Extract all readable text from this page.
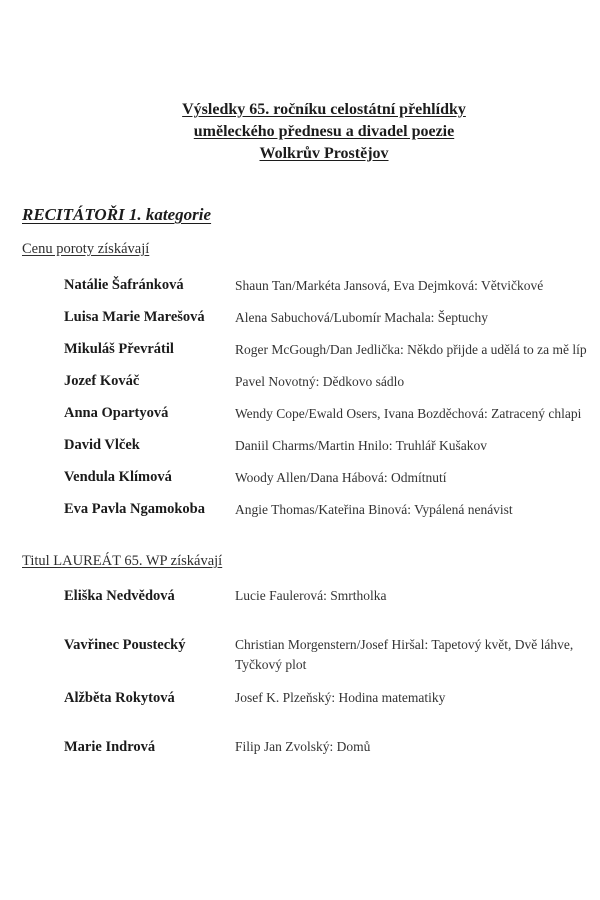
Výsledky 65. ročníku celostátní přehlídky
uměleckého přednesu a divadel poezie
Wolkrův Prostějov
RECITÁTOŘI 1. kategorie
Cenu poroty získávají
Natálie Šafránková	Shaun Tan/Markéta Jansová, Eva Dejmková: Větvičkové
Luisa Marie Marešová	Alena Sabuchová/Lubomír Machala: Šeptuchy
Mikuláš Převrátil	Roger McGough/Dan Jedlička: Někdo přijde a udělá to za mě líp
Jozef Kováč	Pavel Novotný: Dědkovo sádlo
Anna Opartyová	Wendy Cope/Ewald Osers, Ivana Bozděchová: Zatracený chlapi
David Vlček	Daniil Charms/Martin Hnilo: Truhlář Kušakov
Vendula Klímová	Woody Allen/Dana Hábová: Odmítnutí
Eva Pavla Ngamokoba	Angie Thomas/Kateřina Binová: Vypálená nenávist
Titul LAUREÁT 65. WP získávají
Eliška Nedvědová	Lucie Faulerová: Smrtholka
Vavřinec Poustecký	Christian Morgenstern/Josef Hiršal: Tapetový květ, Dvě láhve, Tyčkový plot
Alžběta Rokytová	Josef K. Plzeňský: Hodina matematiky
Marie Indrová	Filip Jan Zvolský: Domů
